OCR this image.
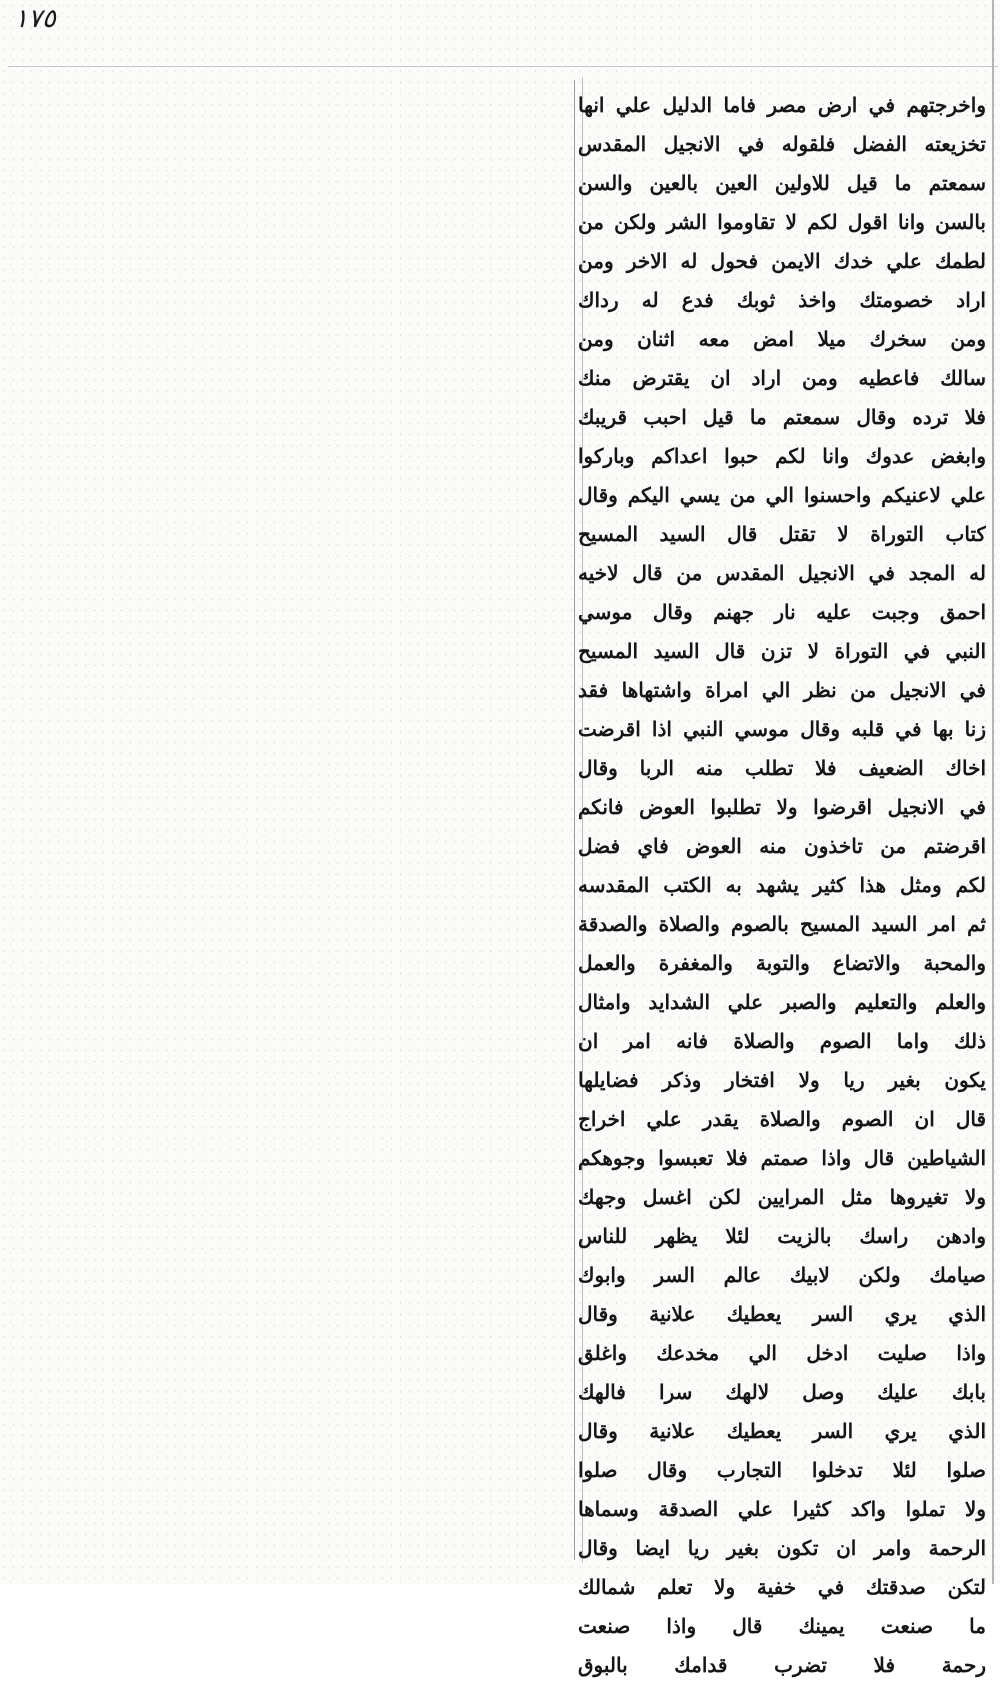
١٧٥
واخرجتهم في ارض مصر فاما الدليل علي انها
تخزيعته الفضل فلقوله في الانجيل المقدس
سمعتم ما قيل للاولين العين بالعين والسن
بالسن وانا اقول لكم لا تقاوموا الشر ولكن من
لطمك علي خدك الايمن فحول له الاخر ومن
اراد خصومتك واخذ ثوبك فدع له رداك
ومن سخرك ميلا امض معه اثنان ومن
سالك فاعطيه ومن اراد ان يقترض منك
فلا ترده وقال سمعتم ما قيل احبب قريبك
وابغض عدوك وانا لكم حبوا اعداكم وباركوا
علي لاعنيكم واحسنوا الي من يسي اليكم وقال
كتاب التوراة لا تقتل قال السيد المسيح
له المجد في الانجيل المقدس من قال لاخيه
احمق وجبت عليه نار جهنم وقال موسي
النبي في التوراة لا تزن قال السيد المسيح
في الانجيل من نظر الي امراة واشتهاها فقد
زنا بها في قلبه وقال موسي النبي اذا اقرضت
اخاك الضعيف فلا تطلب منه الربا وقال
في الانجيل اقرضوا ولا تطلبوا العوض فانكم
اقرضتم من تاخذون منه العوض فاي فضل
لكم ومثل هذا كثير يشهد به الكتب المقدسه
ثم امر السيد المسيح بالصوم والصلاة والصدقة
والمحبة والاتضاع والتوبة والمغفرة والعمل
والعلم والتعليم والصبر علي الشدايد وامثال
ذلك واما الصوم والصلاة فانه امر ان
يكون بغير ريا ولا افتخار وذكر فضايلها
قال ان الصوم والصلاة يقدر علي اخراج
الشياطين قال واذا صمتم فلا تعبسوا وجوهكم
ولا تغيروها مثل المرايين لكن اغسل وجهك
وادهن راسك بالزيت لئلا يظهر للناس
صيامك ولكن لابيك عالم السر وابوك
الذي يري السر يعطيك علانية وقال
واذا صليت ادخل الي مخدعك واغلق
بابك عليك وصل لالهك سرا فالهك
الذي يري السر يعطيك علانية وقال
صلوا لئلا تدخلوا التجارب وقال صلوا
ولا تملوا واكد كثيرا علي الصدقة وسماها
الرحمة وامر ان تكون بغير ريا ايضا وقال
لتكن صدقتك في خفية ولا تعلم شمالك
ما صنعت يمينك قال واذا صنعت
رحمة فلا تضرب قدامك بالبوق
